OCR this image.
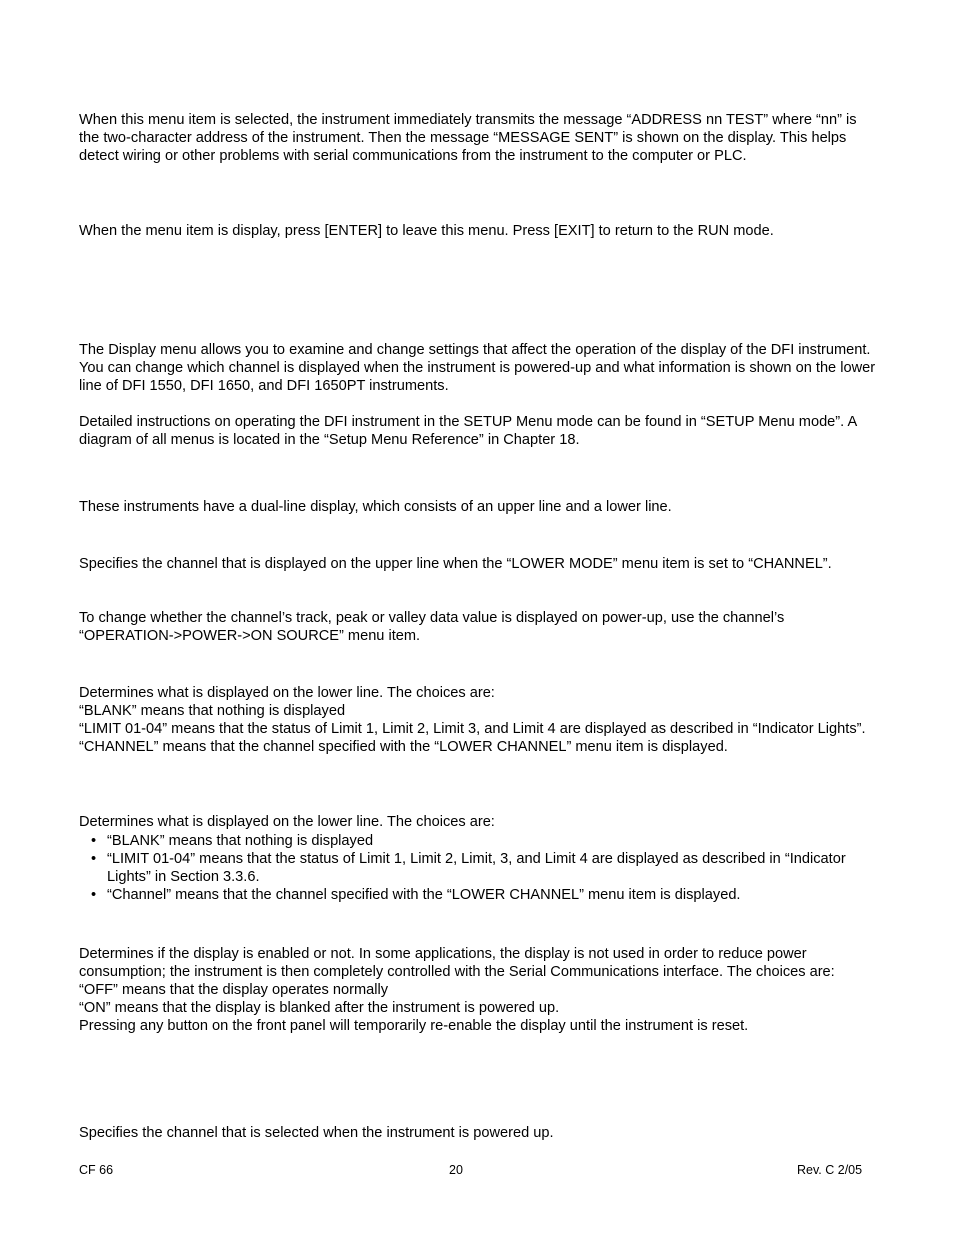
When this menu item is selected, the instrument immediately transmits the message “ADDRESS nn TEST” where “nn” is the two-character address of the instrument. Then the message “MESSAGE SENT” is shown on the display. This helps detect wiring or other problems with serial communications from the instrument to the computer or PLC.

When the menu item is display, press [ENTER] to leave this menu. Press [EXIT] to return to the RUN mode.

The Display menu allows you to examine and change settings that affect the operation of the display of the DFI instrument. You can change which channel is displayed when the instrument is powered-up and what information is shown on the lower line of DFI 1550, DFI 1650, and DFI 1650PT instruments.

Detailed instructions on operating the DFI instrument in the SETUP Menu mode can be found in “SETUP Menu mode”. A diagram of all menus is located in the “Setup Menu Reference” in Chapter 18.

These instruments have a dual-line display, which consists of an upper line and a lower line.

Specifies the channel that is displayed on the upper line when the “LOWER MODE” menu item is set to “CHANNEL”.

To change whether the channel’s track, peak or valley data value is displayed on power-up, use the channel’s “OPERATION->POWER->ON SOURCE” menu item.

Determines what is displayed on the lower line. The choices are:

“BLANK” means that nothing is displayed

“LIMIT 01-04” means that the status of Limit 1, Limit 2, Limit 3, and Limit 4 are displayed as described in “Indicator Lights”.

“CHANNEL” means that the channel specified with the “LOWER CHANNEL” menu item is displayed.

Determines what is displayed on the lower line. The choices are:

• “BLANK” means that nothing is displayed
• “LIMIT 01-04” means that the status of Limit 1, Limit 2, Limit, 3, and Limit 4 are displayed as described in “Indicator Lights” in Section 3.3.6.
• “Channel” means that the channel specified with the “LOWER CHANNEL” menu item is displayed.

Determines if the display is enabled or not. In some applications, the display is not used in order to reduce power consumption; the instrument is then completely controlled with the Serial Communications interface. The choices are:

“OFF” means that the display operates normally

“ON” means that the display is blanked after the instrument is powered up.

Pressing any button on the front panel will temporarily re-enable the display until the instrument is reset.

Specifies the channel that is selected when the instrument is powered up.

CF 66	20	Rev. C 2/05
